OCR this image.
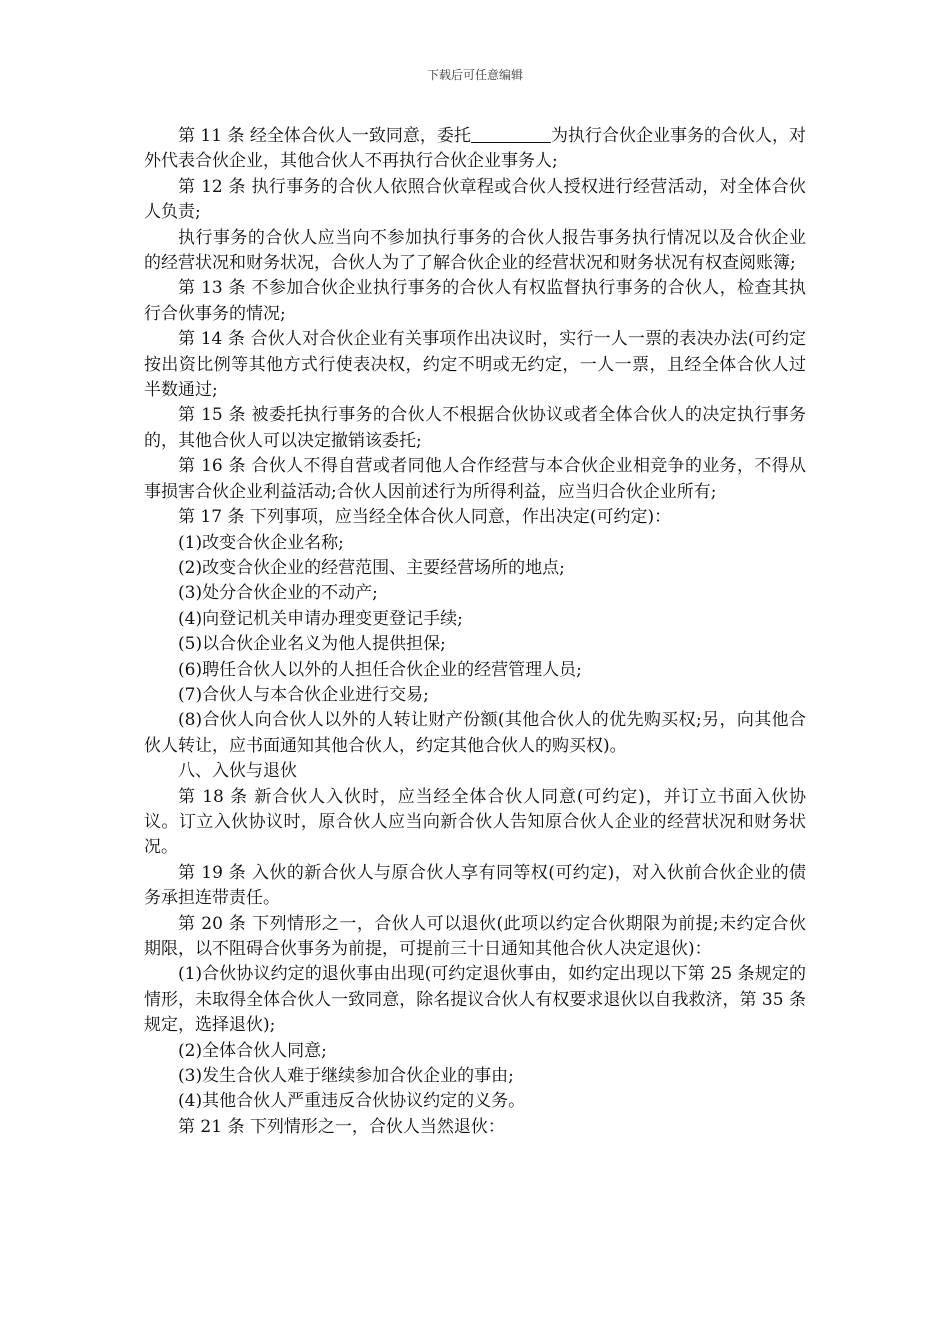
下载后可任意编辑

第 11 条 经全体合伙人一致同意，委托	为执行合伙企业事务的合伙人，对外代表合伙企业，其他合伙人不再执行合伙企业事务人;

第 12 条 执行事务的合伙人依照合伙章程或合伙人授权进行经营活动，对全体合伙人负责;

执行事务的合伙人应当向不参加执行事务的合伙人报告事务执行情况以及合伙企业的经营状况和财务状况，合伙人为了了解合伙企业的经营状况和财务状况有权查阅账簿;

第 13 条 不参加合伙企业执行事务的合伙人有权监督执行事务的合伙人，检查其执行合伙事务的情况;

第 14 条 合伙人对合伙企业有关事项作出决议时，实行一人一票的表决办法(可约定按出资比例等其他方式行使表决权，约定不明或无约定，一人一票，且经全体合伙人过半数通过;

第 15 条 被委托执行事务的合伙人不根据合伙协议或者全体合伙人的决定执行事务的，其他合伙人可以决定撤销该委托;

第 16 条 合伙人不得自营或者同他人合作经营与本合伙企业相竞争的业务，不得从事损害合伙企业利益活动;合伙人因前述行为所得利益，应当归合伙企业所有;

第 17 条 下列事项，应当经全体合伙人同意，作出决定(可约定)：

(1)改变合伙企业名称;

(2)改变合伙企业的经营范围、主要经营场所的地点;

(3)处分合伙企业的不动产;

(4)向登记机关申请办理变更登记手续;

(5)以合伙企业名义为他人提供担保;

(6)聘任合伙人以外的人担任合伙企业的经营管理人员;

(7)合伙人与本合伙企业进行交易;

(8)合伙人向合伙人以外的人转让财产份额(其他合伙人的优先购买权;另，向其他合伙人转让，应书面通知其他合伙人，约定其他合伙人的购买权)。

八、入伙与退伙

第 18 条 新合伙人入伙时，应当经全体合伙人同意(可约定)，并订立书面入伙协议。订立入伙协议时，原合伙人应当向新合伙人告知原合伙人企业的经营状况和财务状况。

第 19 条 入伙的新合伙人与原合伙人享有同等权(可约定)，对入伙前合伙企业的债务承担连带责任。

第 20 条 下列情形之一，合伙人可以退伙(此项以约定合伙期限为前提;未约定合伙期限，以不阻碍合伙事务为前提，可提前三十日通知其他合伙人决定退伙)：

(1)合伙协议约定的退伙事由出现(可约定退伙事由，如约定出现以下第 25 条规定的情形，未取得全体合伙人一致同意，除名提议合伙人有权要求退伙以自我救济，第 35 条规定，选择退伙);

(2)全体合伙人同意;

(3)发生合伙人难于继续参加合伙企业的事由;

(4)其他合伙人严重违反合伙协议约定的义务。

第 21 条 下列情形之一，合伙人当然退伙：
